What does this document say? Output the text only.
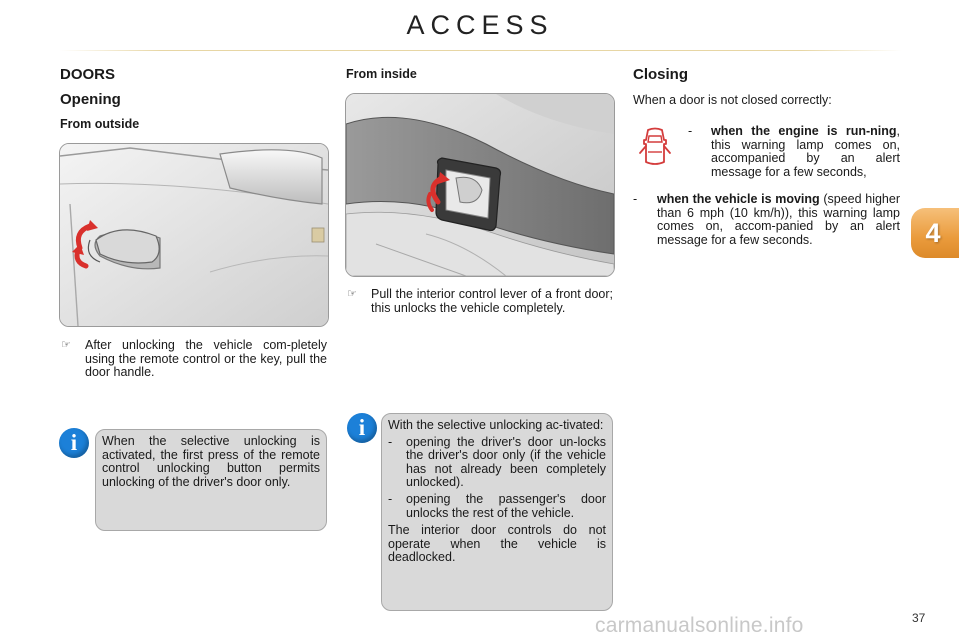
ACCESS
DOORS
Opening
From outside
☞ After unlocking the vehicle com-pletely using the remote control or the key, pull the door handle.
i	When the selective unlocking is activated, the first press of the remote control unlocking button permits unlocking of the driver's door only.
From inside
☞ Pull the interior control lever of a front door; this unlocks the vehicle completely.
i	With the selective unlocking ac-tivated:
-	opening the driver's door un-locks the driver's door only (if the vehicle has not already been completely unlocked).
-	opening the passenger's door unlocks the rest of the vehicle.
The interior door controls do not operate when the vehicle is deadlocked.
Closing
When a door is not closed correctly:
- when the engine is run-ning, this warning lamp comes on, accompanied by an alert message for a few seconds,
- when the vehicle is moving (speed higher than 6 mph (10 km/h)), this warning lamp comes on, accom-panied by an alert message for a few seconds.	4
carmanualsonline.info	37
